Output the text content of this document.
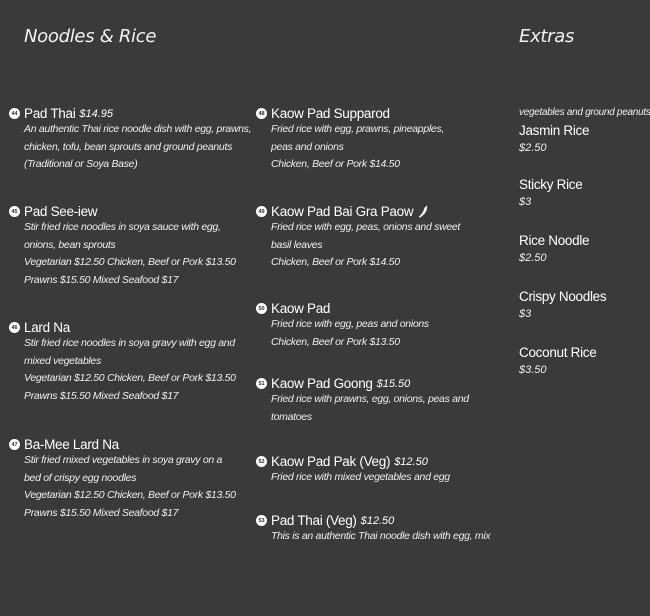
Noodles & Rice	Extras
44 Pad Thai $14.95
An authentic Thai rice noodle dish with egg, prawns,
chicken, tofu, bean sprouts and ground peanuts
(Traditional or Soya Base)
45 Pad See-iew
Stir fried rice noodles in soya sauce with egg,
onions, bean sprouts
Vegetarian $12.50 Chicken, Beef or Pork $13.50
Prawns $15.50 Mixed Seafood $17
46 Lard Na
Stir fried rice noodles in soya gravy with egg and
mixed vegetables
Vegetarian $12.50 Chicken, Beef or Pork $13.50
Prawns $15.50 Mixed Seafood $17
47 Ba-Mee Lard Na
Stir fried mixed vegetables in soya gravy on a
bed of crispy egg noodles
Vegetarian $12.50 Chicken, Beef or Pork $13.50
Prawns $15.50 Mixed Seafood $17
48 Kaow Pad Supparod
Fried rice with egg, prawns, pineapples,
peas and onions
Chicken, Beef or Pork $14.50
49 Kaow Pad Bai Gra Paow
Fried rice with egg, peas, onions and sweet
basil leaves
Chicken, Beef or Pork $14.50
50 Kaow Pad
Fried rice with egg, peas and onions
Chicken, Beef or Pork $13.50
51 Kaow Pad Goong $15.50
Fried rice with prawns, egg, onions, peas and
tomatoes
52 Kaow Pad Pak (Veg) $12.50
Fried rice with mixed vegetables and egg
53 Pad Thai (Veg) $12.50
This is an authentic Thai noodle dish with egg, mix
vegetables and ground peanuts
Jasmin Rice
$2.50
Sticky Rice
$3
Rice Noodle
$2.50
Crispy Noodles
$3
Coconut Rice
$3.50
